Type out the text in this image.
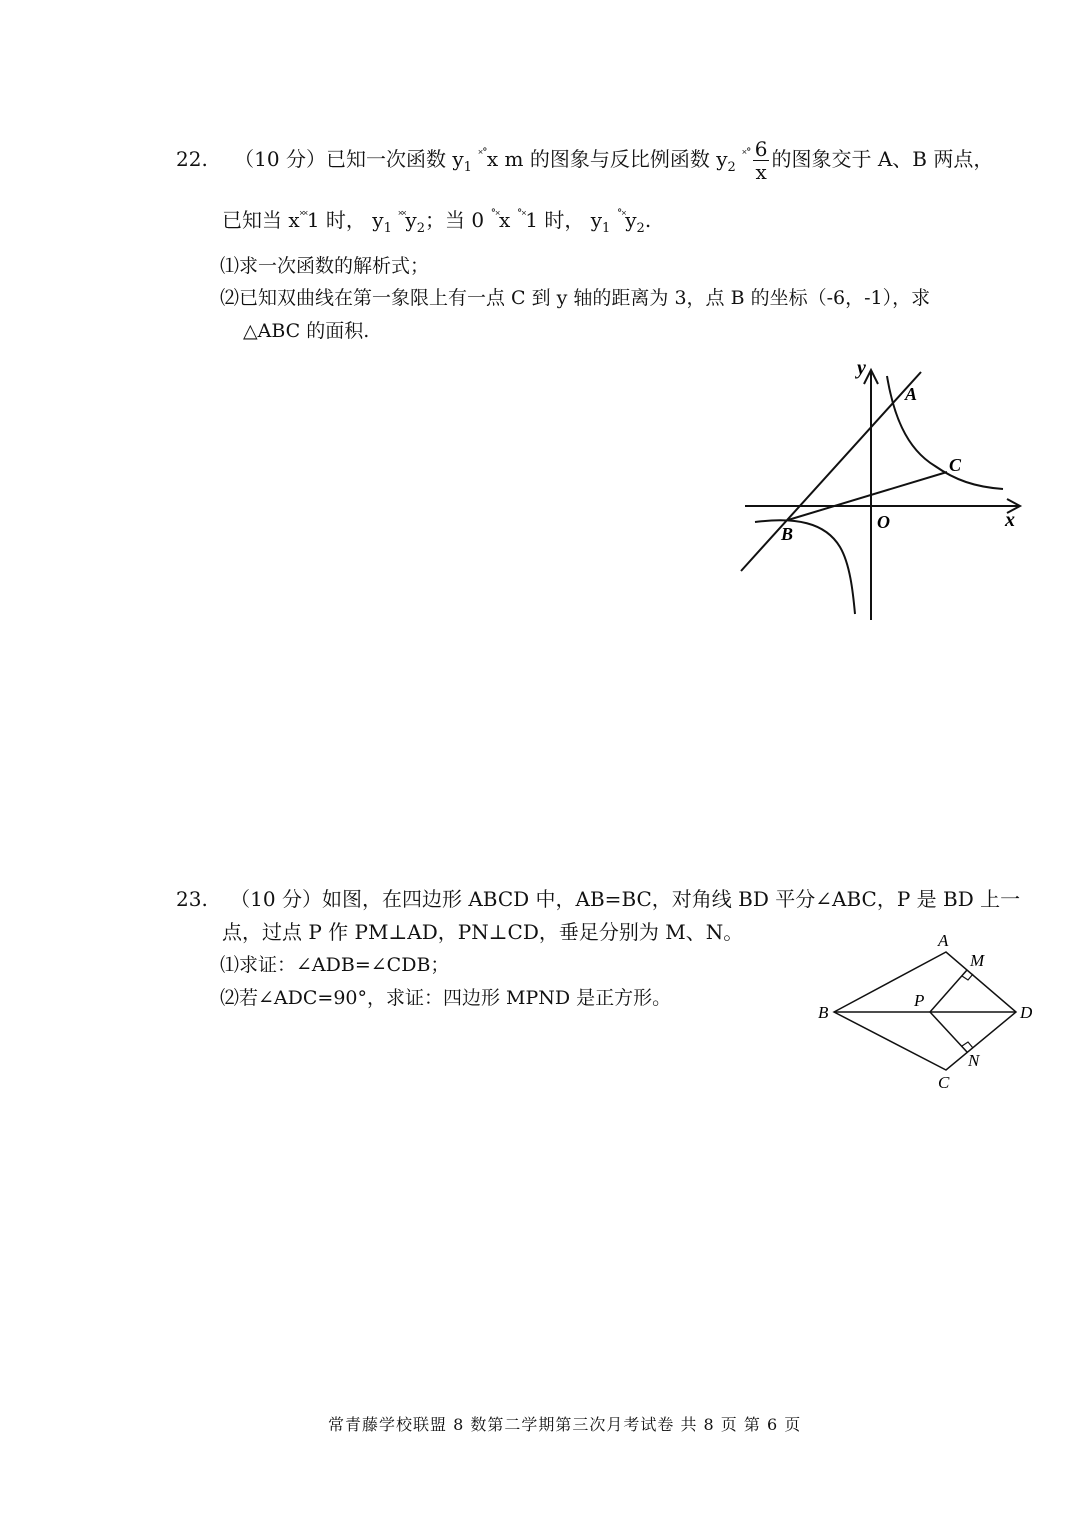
22. （10 分）已知一次函数 $y_1$ ˟˚x m 的图象与反比例函数 $y_2$ $^{˟˚} \frac{6}{x}$ 的图象交于 A、B 两点，
已知当 x˟˟1 时， $y_1$ $^{˟˟}y_2$；当 0 ˚˟x ˚˟1 时， $y_1$ $^{˚˟}y_2$.
⑴求一次函数的解析式；
⑵已知双曲线在第一象限上有一点 C 到 y 轴的距离为 3，点 B 的坐标（-6，-1），求
△ABC 的面积.
y
x
O
A
B
C
23. （10 分）如图，在四边形 ABCD 中，AB=BC，对角线 BD 平分∠ABC，P 是 BD 上一
点，过点 P 作 PM⊥AD，PN⊥CD，垂足分别为 M、N。
⑴求证：∠ADB=∠CDB；
⑵若∠ADC=90°，求证：四边形 MPND 是正方形。
A
B
C
D
P
M
N
常青藤学校联盟 8 数第二学期第三次月考试卷 共 8 页 第 6 页
